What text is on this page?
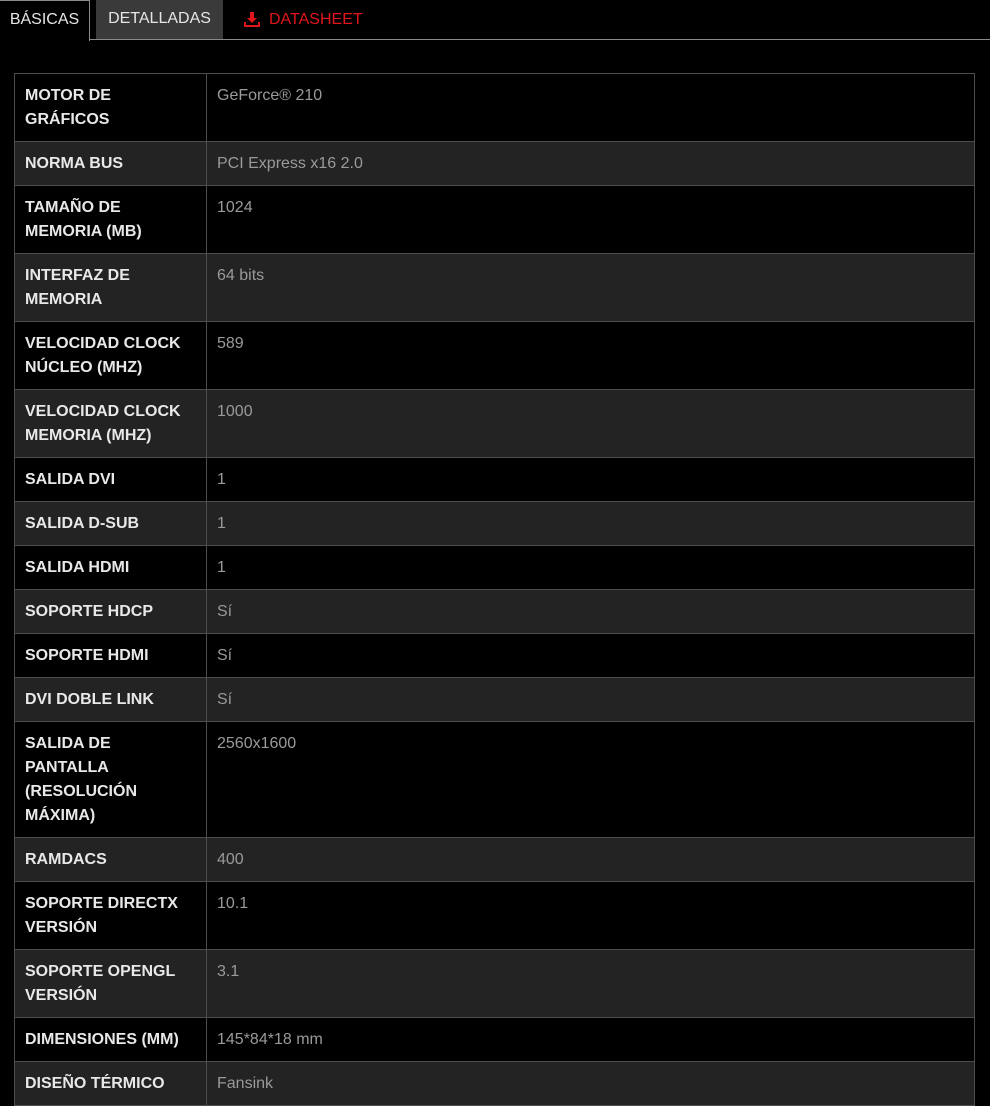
BÁSICAS	DETALLADAS	DATASHEET
MOTOR DE GRÁFICOS	GeForce® 210
NORMA BUS	PCI Express x16 2.0
TAMAÑO DE MEMORIA (MB)	1024
INTERFAZ DE MEMORIA	64 bits
VELOCIDAD CLOCK NÚCLEO (MHZ)	589
VELOCIDAD CLOCK MEMORIA (MHZ)	1000
SALIDA DVI	1
SALIDA D-SUB	1
SALIDA HDMI	1
SOPORTE HDCP	Sí
SOPORTE HDMI	Sí
DVI DOBLE LINK	Sí
SALIDA DE PANTALLA (RESOLUCIÓN MÁXIMA)	2560x1600
RAMDACS	400
SOPORTE DIRECTX VERSIÓN	10.1
SOPORTE OPENGL VERSIÓN	3.1
DIMENSIONES (MM)	145*84*18 mm
DISEÑO TÉRMICO	Fansink
